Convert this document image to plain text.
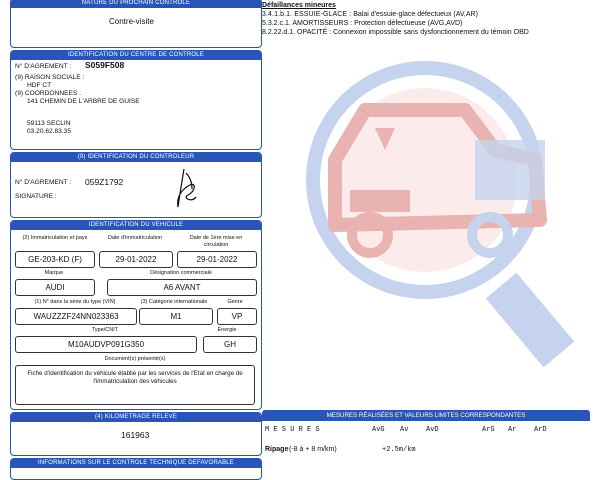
NATURE DU PROCHAIN CONTROLE
Contre-visite
IDENTIFICATION DU CENTRE DE CONTROLE
N° D'AGREMENT : S059F508
(9) RAISON SOCIALE :
HDF CT
(9) COORDONNEES :
141 CHEMIN DE L'ARBRE DE GUISE
59113 SECLIN
03.20.62.83.35
(9) IDENTIFICATION DU CONTROLEUR
N° D'AGREMENT : 059Z1792
SIGNATURE :
IDENTIFICATION DU VEHICULE
(2) Immatriculation et pays	Date d'immatriculation	Date de 1ère mise en circulation
GE-203-KD (F)	29-01-2022	29-01-2022
Marque	Désignation commerciale
AUDI	A6 AVANT
(1) N° dans la série du type (VIN)	(3) Catégorie internationale	Genre
WAUZZZF24NN023363	M1	VP
Type/CNIT	Énergie
M10AUDVP091G350	GH
Document(s) présenté(s)
Fiche d'identification du véhicule établie par les services de l'Etat en charge de l'immatriculation des véhicules
(4) KILOMETRAGE RELEVE
161963
INFORMATIONS SUR LE CONTROLE TECHNIQUE DEFAVORABLE
Défaillances mineures
3.4.1.b.1. ESSUIE-GLACE : Balai d'essuie-glace défectueux (AV,AR)
5.3.2.c.1. AMORTISSEURS : Protection défectueuse (AVG,AVD)
8.2.22.d.1. OPACITÉ : Connexion impossible sans dysfonctionnement du témoin OBD
MESURES RÉALISÉES ET VALEURS LIMITES CORRESPONDANTES
M E S U R E S	AvG Av	AvD	ArG Ar	ArD
Ripage (-8 à + 8 m/km)	+2.5m/km
